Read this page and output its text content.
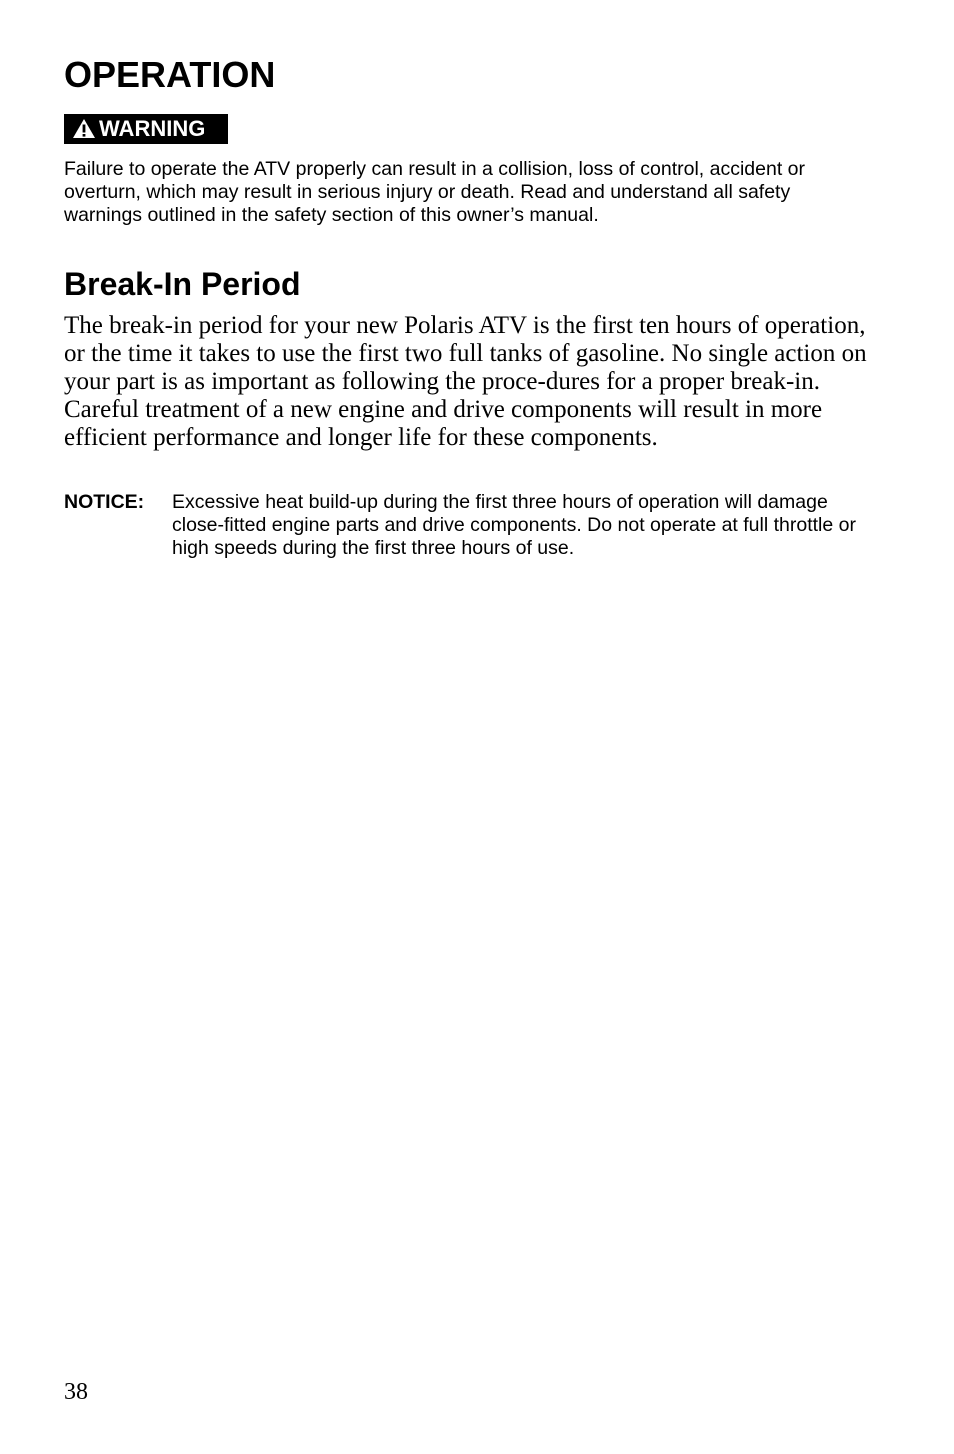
OPERATION
WARNING

Failure to operate the ATV properly can result in a collision, loss of control, accident or overturn, which may result in serious injury or death. Read and understand all safety warnings outlined in the safety section of this owner’s manual.

Break-In Period

The break-in period for your new Polaris ATV is the first ten hours of operation, or the time it takes to use the first two full tanks of gasoline. No single action on your part is as important as following the proce-dures for a proper break-in. Careful treatment of a new engine and drive components will result in more efficient performance and longer life for these components.

NOTICE:	Excessive heat build-up during the first three hours of operation will damage close-fitted engine parts and drive components. Do not operate at full throttle or high speeds during the first three hours of use.

38
